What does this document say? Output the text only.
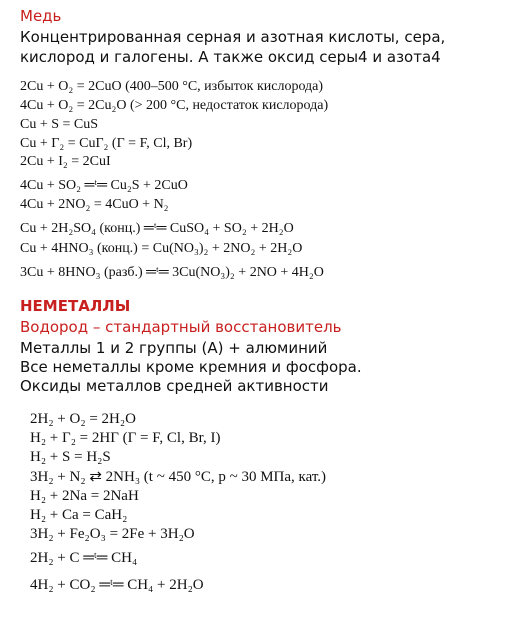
Медь
Концентрированная серная и азотная кислоты, сера, кислород и галогены. А также оксид серы4 и азота4
2Cu + O₂ = 2CuO (400–500 °C, избыток кислорода)
4Cu + O₂ = 2Cu₂O (> 200 °C, недостаток кислорода)
Cu + S = CuS
Cu + Г₂ = CuГ₂ (Г = F, Cl, Br)
2Cu + I₂ = 2CuI
4Cu + SO₂ ═ᵗ═ Cu₂S + 2CuO
4Cu + 2NO₂ = 4CuO + N₂
Cu + 2H₂SO₄ (конц.) ═ᵗ═ CuSO₄ + SO₂ + 2H₂O
Cu + 4HNO₃ (конц.) = Cu(NO₃)₂ + 2NO₂ + 2H₂O
3Cu + 8HNO₃ (разб.) ═ᵗ═ 3Cu(NO₃)₂ + 2NO + 4H₂O
НЕМЕТАЛЛЫ
Водород – стандартный восстановитель
Металлы 1 и 2 группы (А) + алюминий
Все неметаллы кроме кремния и фосфора.
Оксиды металлов средней активности
2H₂ + O₂ = 2H₂O
H₂ + Г₂ = 2НГ (Г = F, Cl, Br, I)
H₂ + S = H₂S
3H₂ + N₂ ⇄ 2NH₃ (t ~ 450 °C, p ~ 30 МПа, кат.)
H₂ + 2Na = 2NaH
H₂ + Ca = CaH₂
3H₂ + Fe₂O₃ = 2Fe + 3H₂O
2H₂ + C ═ᵗ═ CH₄
4H₂ + CO₂ ═ᵗ═ CH₄ + 2H₂O
